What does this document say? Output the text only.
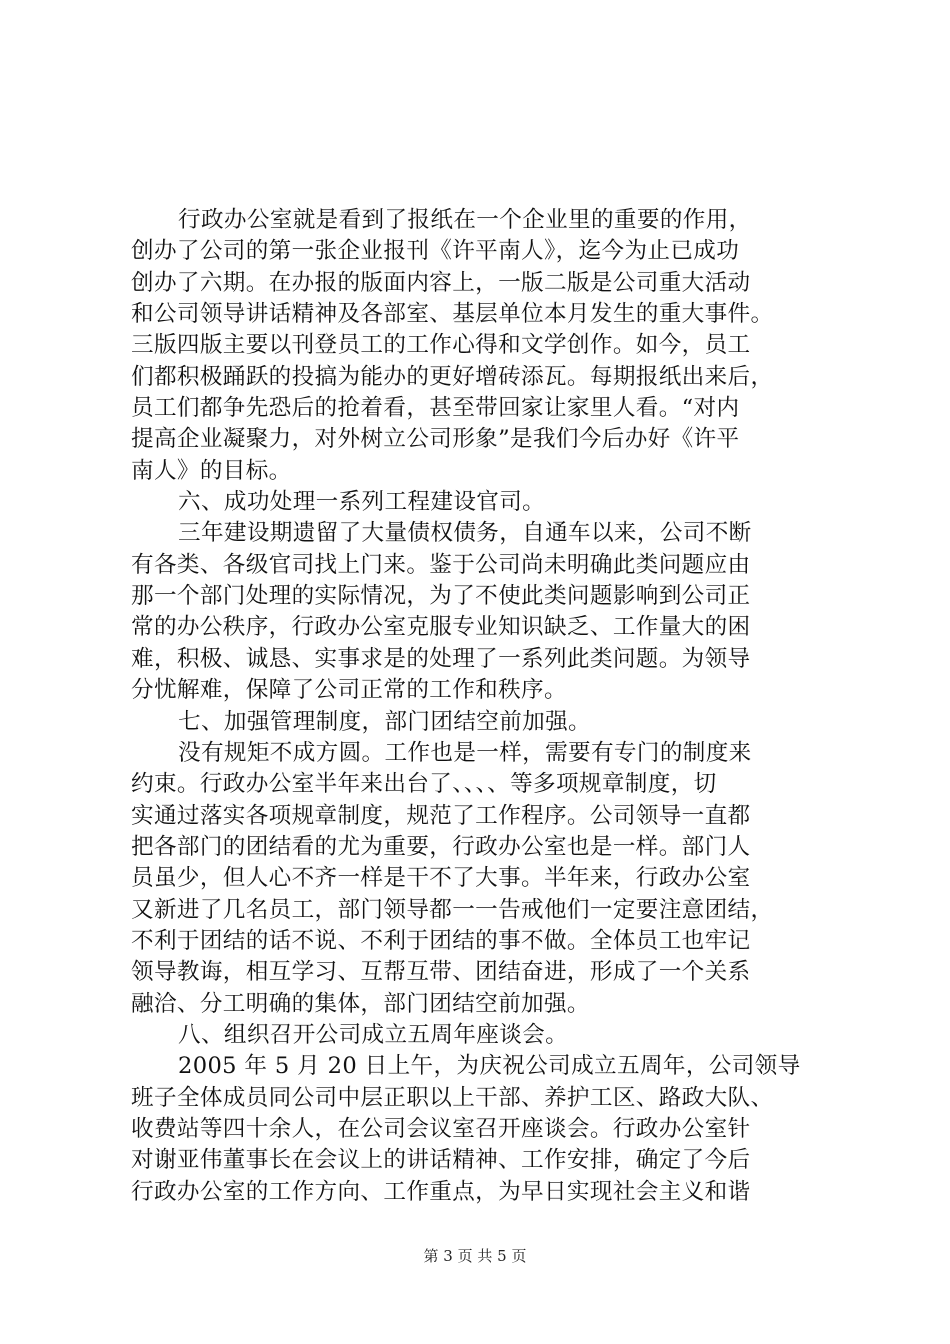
行政办公室就是看到了报纸在一个企业里的重要的作用，
创办了公司的第一张企业报刊《许平南人》，迄今为止已成功
创办了六期。在办报的版面内容上，一版二版是公司重大活动
和公司领导讲话精神及各部室、基层单位本月发生的重大事件。
三版四版主要以刊登员工的工作心得和文学创作。如今，员工
们都积极踊跃的投搞为能办的更好增砖添瓦。每期报纸出来后，
员工们都争先恐后的抢着看，甚至带回家让家里人看。“对内
提高企业凝聚力，对外树立公司形象”是我们今后办好《许平
南人》的目标。
六、成功处理一系列工程建设官司。
三年建设期遗留了大量债权债务，自通车以来，公司不断
有各类、各级官司找上门来。鉴于公司尚未明确此类问题应由
那一个部门处理的实际情况，为了不使此类问题影响到公司正
常的办公秩序，行政办公室克服专业知识缺乏、工作量大的困
难，积极、诚恳、实事求是的处理了一系列此类问题。为领导
分忧解难，保障了公司正常的工作和秩序。
七、加强管理制度，部门团结空前加强。
没有规矩不成方圆。工作也是一样，需要有专门的制度来
约束。行政办公室半年来出台了、、、、等多项规章制度，切
实通过落实各项规章制度，规范了工作程序。公司领导一直都
把各部门的团结看的尤为重要，行政办公室也是一样。部门人
员虽少，但人心不齐一样是干不了大事。半年来，行政办公室
又新进了几名员工，部门领导都一一告戒他们一定要注意团结，
不利于团结的话不说、不利于团结的事不做。全体员工也牢记
领导教诲，相互学习、互帮互带、团结奋进，形成了一个关系
融洽、分工明确的集体，部门团结空前加强。
八、组织召开公司成立五周年座谈会。
2005 年 5 月 20 日上午，为庆祝公司成立五周年，公司领导
班子全体成员同公司中层正职以上干部、养护工区、路政大队、
收费站等四十余人，在公司会议室召开座谈会。行政办公室针
对谢亚伟董事长在会议上的讲话精神、工作安排，确定了今后
行政办公室的工作方向、工作重点，为早日实现社会主义和谐
第 3 页 共 5 页
